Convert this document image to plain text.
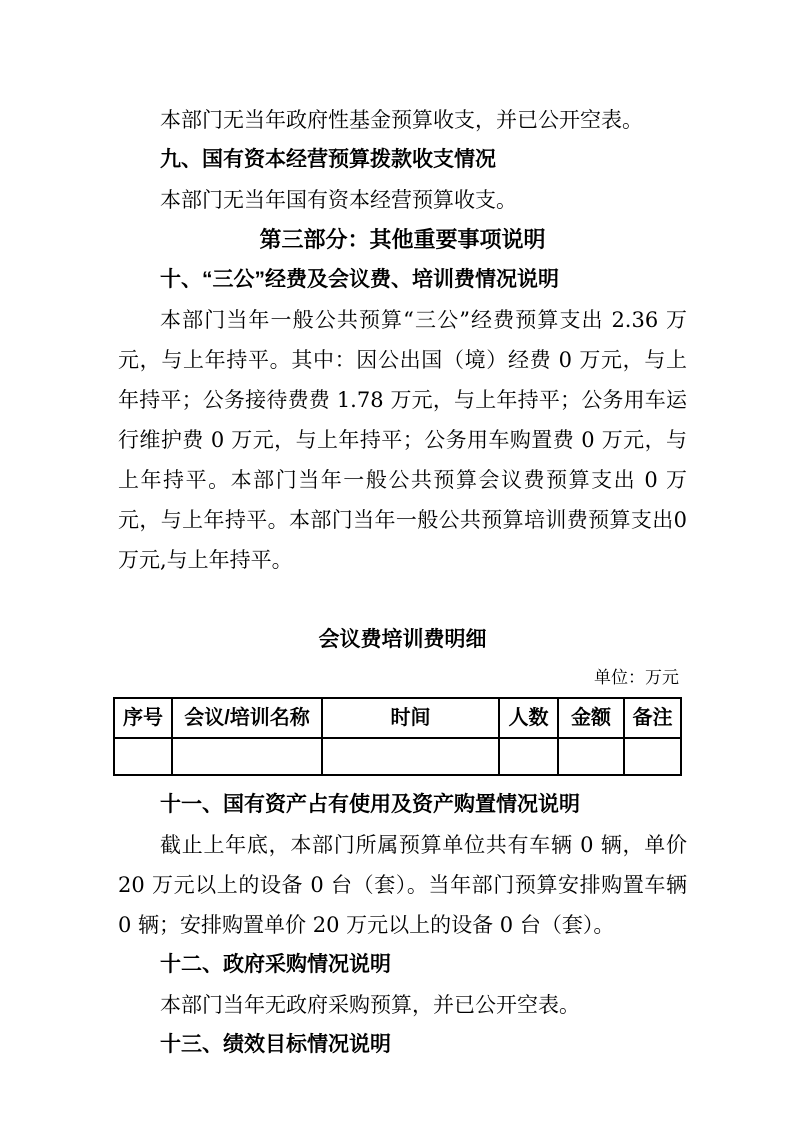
本部门无当年政府性基金预算收支，并已公开空表。

九、国有资本经营预算拨款收支情况

本部门无当年国有资本经营预算收支。

第三部分：其他重要事项说明
十、“三公”经费及会议费、培训费情况说明

本部门当年一般公共预算“三公”经费预算支出 2.36 万元，与上年持平。其中：因公出国（境）经费 0 万元，与上年持平；公务接待费费 1.78 万元，与上年持平；公务用车运行维护费 0 万元，与上年持平；公务用车购置费 0 万元，与上年持平。本部门当年一般公共预算会议费预算支出 0 万元，与上年持平。本部门当年一般公共预算培训费预算支出0万元,与上年持平。

会议费培训费明细
单位：万元
序号	会议/培训名称	时间	人数	金额	备注

十一、国有资产占有使用及资产购置情况说明

截止上年底，本部门所属预算单位共有车辆 0 辆，单价 20 万元以上的设备 0 台（套）。当年部门预算安排购置车辆 0 辆；安排购置单价 20 万元以上的设备 0 台（套）。

十二、政府采购情况说明

本部门当年无政府采购预算，并已公开空表。

十三、绩效目标情况说明
